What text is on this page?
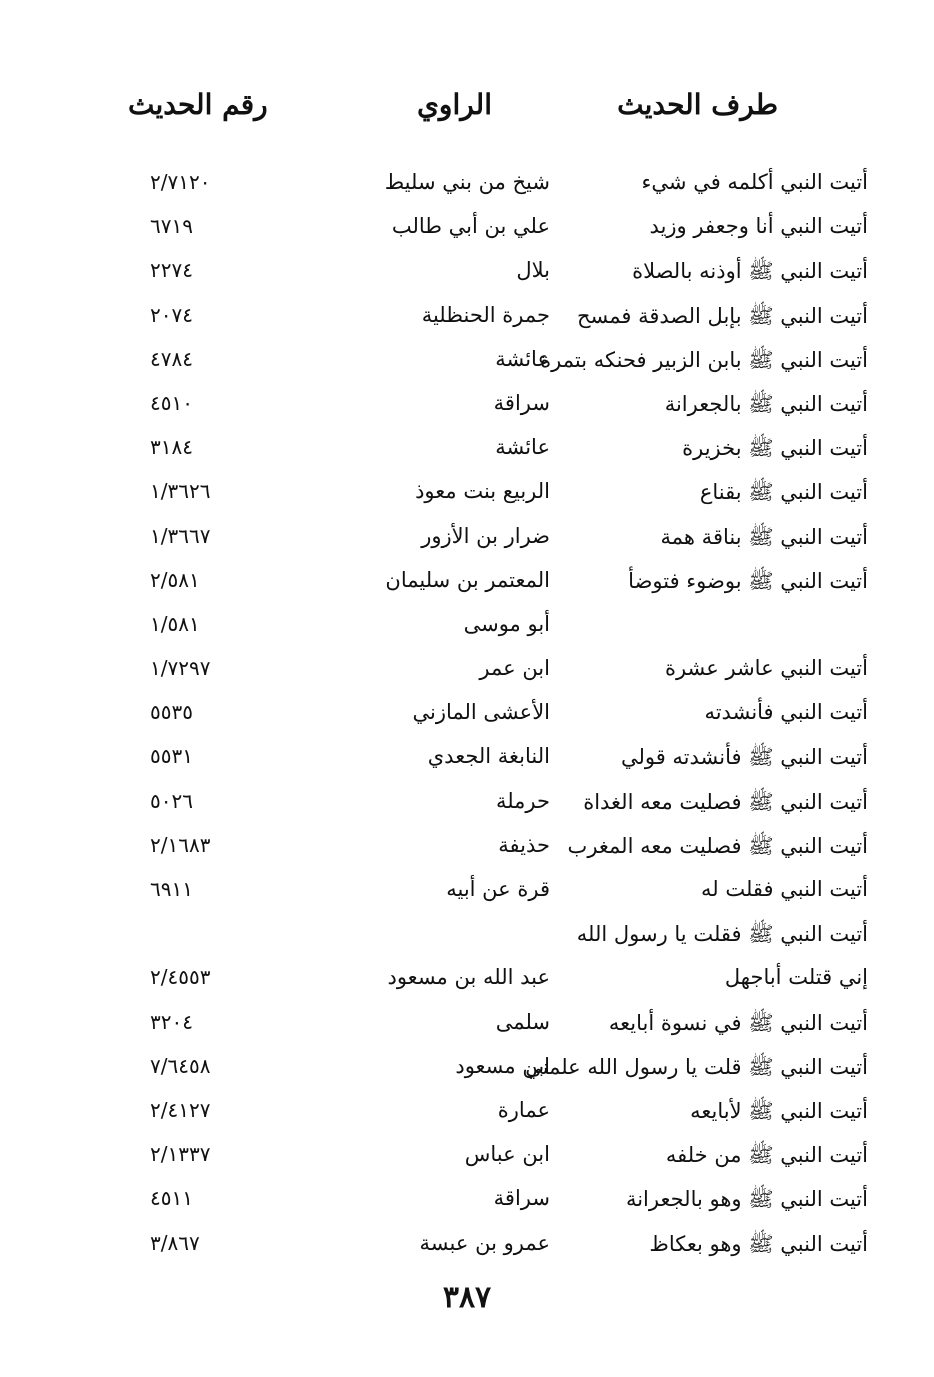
طرف الحديث
الراوي
رقم الحديث
أتيت النبي أكلمه في شيء
شيخ من بني سليط
٢/٧١٢٠
أتيت النبي أنا وجعفر وزيد
علي بن أبي طالب
٦٧١٩
أتيت النبي ﷺ أوذنه بالصلاة
بلال
٢٢٧٤
أتيت النبي ﷺ بإبل الصدقة فمسح
جمرة الحنظلية
٢٠٧٤
أتيت النبي ﷺ بابن الزبير فحنكه بتمرة
عائشة
٤٧٨٤
أتيت النبي ﷺ بالجعرانة
سراقة
٤٥١٠
أتيت النبي ﷺ بخزيرة
عائشة
٣١٨٤
أتيت النبي ﷺ بقناع
الربيع بنت معوذ
١/٣٦٢٦
أتيت النبي ﷺ بناقة همة
ضرار بن الأزور
١/٣٦٦٧
أتيت النبي ﷺ بوضوء فتوضأ
المعتمر بن سليمان
٢/٥٨١
أبو موسى
١/٥٨١
أتيت النبي عاشر عشرة
ابن عمر
١/٧٢٩٧
أتيت النبي فأنشدته
الأعشى المازني
٥٥٣٥
أتيت النبي ﷺ فأنشدته قولي
النابغة الجعدي
٥٥٣١
أتيت النبي ﷺ فصليت معه الغداة
حرملة
٥٠٢٦
أتيت النبي ﷺ فصليت معه المغرب
حذيفة
٢/١٦٨٣
أتيت النبي فقلت له
قرة عن أبيه
٦٩١١
أتيت النبي ﷺ فقلت يا رسول الله
إني قتلت أباجهل
عبد الله بن مسعود
٢/٤٥٥٣
أتيت النبي ﷺ في نسوة أبايعه
سلمى
٣٢٠٤
أتيت النبي ﷺ قلت يا رسول الله علمني
ابن مسعود
٧/٦٤٥٨
أتيت النبي ﷺ لأبايعه
عمارة
٢/٤١٢٧
أتيت النبي ﷺ من خلفه
ابن عباس
٢/١٣٣٧
أتيت النبي ﷺ وهو بالجعرانة
سراقة
٤٥١١
أتيت النبي ﷺ وهو بعكاظ
عمرو بن عبسة
٣/٨٦٧
٣٨٧
